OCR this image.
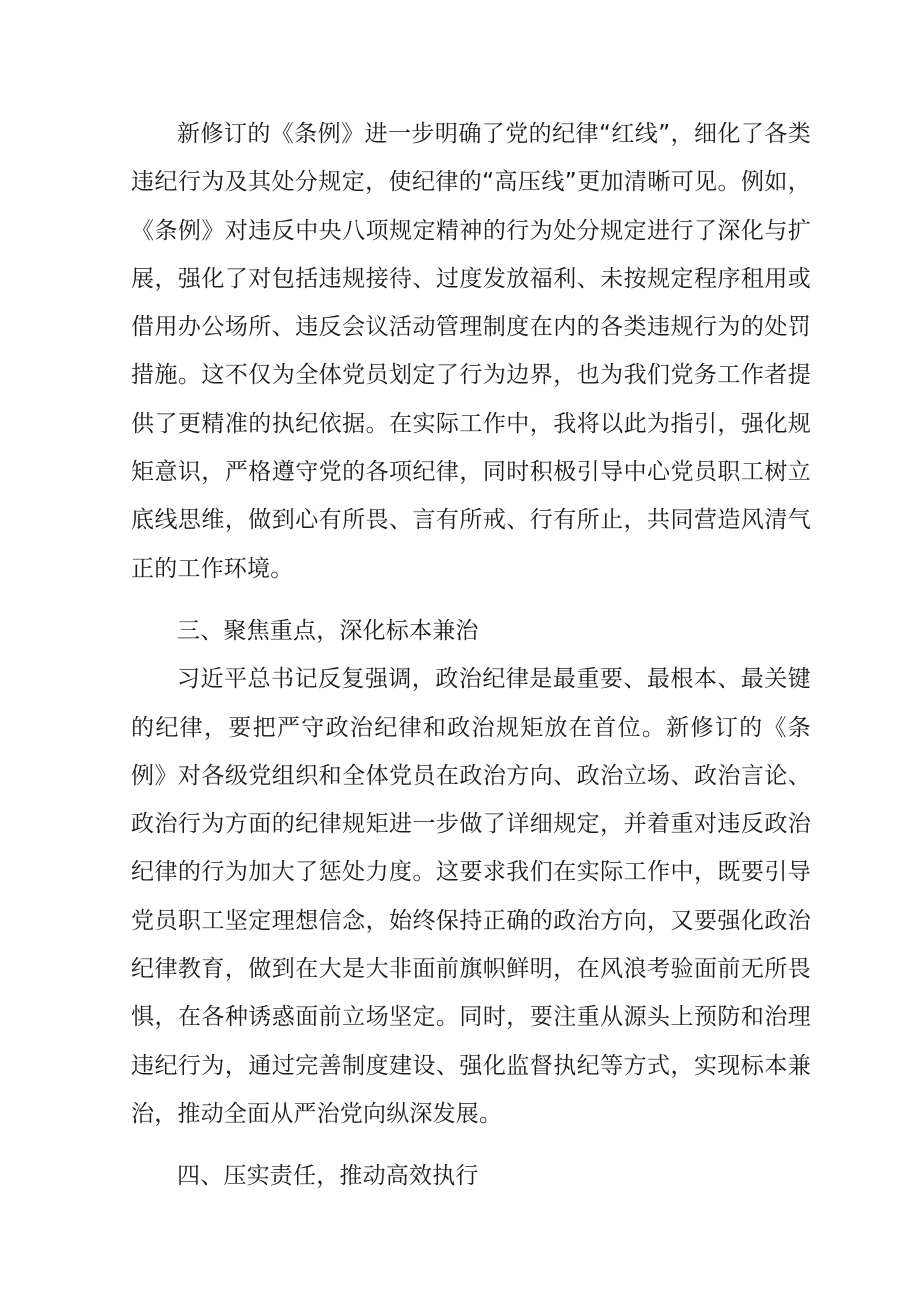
新修订的《条例》进一步明确了党的纪律“红线”，细化了各类违纪行为及其处分规定，使纪律的“高压线”更加清晰可见。例如，《条例》对违反中央八项规定精神的行为处分规定进行了深化与扩展，强化了对包括违规接待、过度发放福利、未按规定程序租用或借用办公场所、违反会议活动管理制度在内的各类违规行为的处罚措施。这不仅为全体党员划定了行为边界，也为我们党务工作者提供了更精准的执纪依据。在实际工作中，我将以此为指引，强化规矩意识，严格遵守党的各项纪律，同时积极引导中心党员职工树立底线思维，做到心有所畏、言有所戒、行有所止，共同营造风清气正的工作环境。

三、聚焦重点，深化标本兼治

习近平总书记反复强调，政治纪律是最重要、最根本、最关键的纪律，要把严守政治纪律和政治规矩放在首位。新修订的《条例》对各级党组织和全体党员在政治方向、政治立场、政治言论、政治行为方面的纪律规矩进一步做了详细规定，并着重对违反政治纪律的行为加大了惩处力度。这要求我们在实际工作中，既要引导党员职工坚定理想信念，始终保持正确的政治方向，又要强化政治纪律教育，做到在大是大非面前旗帜鲜明，在风浪考验面前无所畏惧，在各种诱惑面前立场坚定。同时，要注重从源头上预防和治理违纪行为，通过完善制度建设、强化监督执纪等方式，实现标本兼治，推动全面从严治党向纵深发展。

四、压实责任，推动高效执行
